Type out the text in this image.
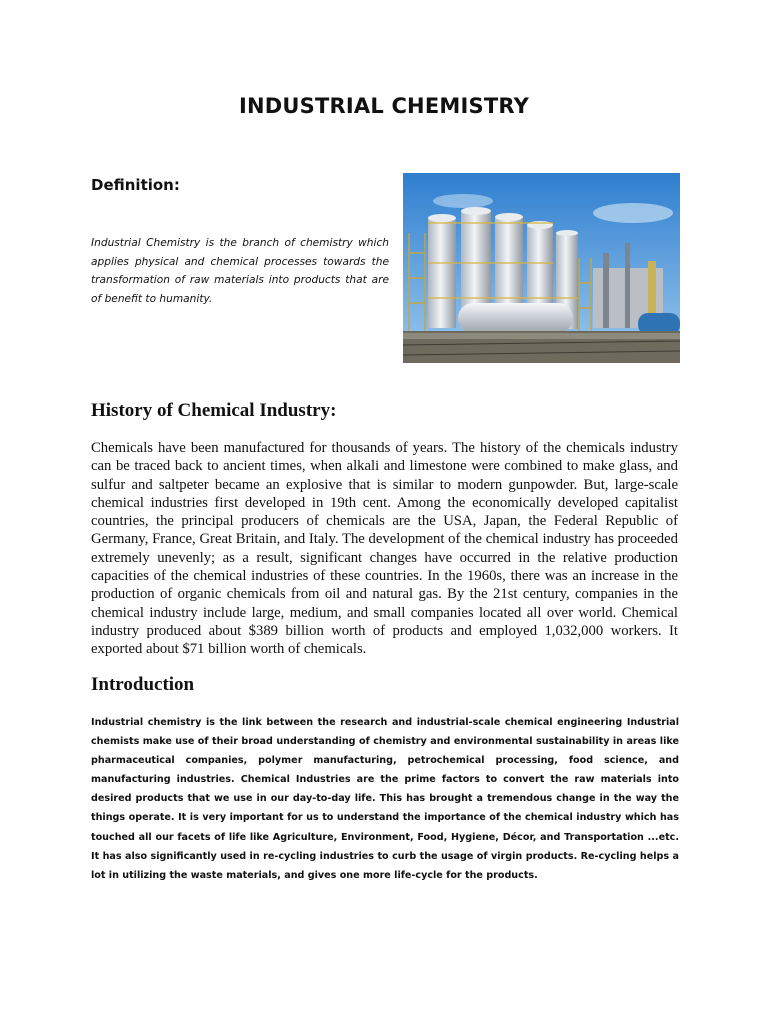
INDUSTRIAL CHEMISTRY
Definition:
Industrial Chemistry is the branch of chemistry which applies physical and chemical processes towards the transformation of raw materials into products that are of benefit to humanity.
History of Chemical Industry:
Chemicals have been manufactured for thousands of years. The history of the chemicals industry can be traced back to ancient times, when alkali and limestone were combined to make glass, and sulfur and saltpeter became an explosive that is similar to modern gunpowder. But, large-scale chemical industries first developed in 19th cent. Among the economically developed capitalist countries, the principal producers of chemicals are the USA, Japan, the Federal Republic of Germany, France, Great Britain, and Italy. The development of the chemical industry has proceeded extremely unevenly; as a result, significant changes have occurred in the relative production capacities of the chemical industries of these countries. In the 1960s, there was an increase in the production of organic chemicals from oil and natural gas. By the 21st century, companies in the chemical industry include large, medium, and small companies located all over world. Chemical industry produced about $389 billion worth of products and employed 1,032,000 workers. It exported about $71 billion worth of chemicals.
Introduction
Industrial chemistry is the link between the research and industrial-scale chemical engineering Industrial chemists make use of their broad understanding of chemistry and environmental sustainability in areas like pharmaceutical companies, polymer manufacturing, petrochemical processing, food science, and manufacturing industries. Chemical Industries are the prime factors to convert the raw materials into desired products that we use in our day-to-day life. This has brought a tremendous change in the way the things operate. It is very important for us to understand the importance of the chemical industry which has touched all our facets of life like Agriculture, Environment, Food, Hygiene, Décor, and Transportation ...etc. It has also significantly used in re-cycling industries to curb the usage of virgin products. Re-cycling helps a lot in utilizing the waste materials, and gives one more life-cycle for the products.
